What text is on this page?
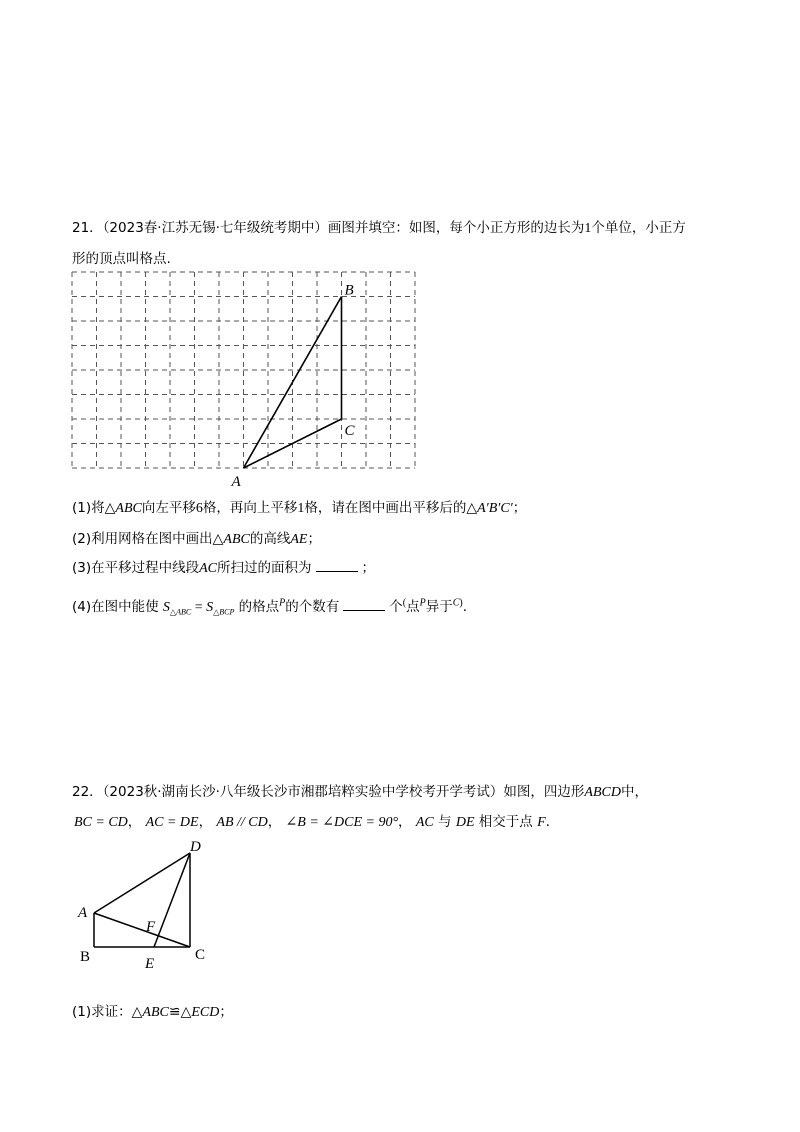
21．（2023春·江苏无锡·七年级统考期中）画图并填空：如图，每个小正方形的边长为1个单位，小正方
形的顶点叫格点.
A
B
C
(1)将△ABC向左平移6格，再向上平移1格，请在图中画出平移后的△A′B′C′；
(2)利用网格在图中画出△ABC的高线AE；
(3)在平移过程中线段AC所扫过的面积为	；
(4)在图中能使 $S_{\triangle ABC} = S_{\triangle BCP}$ 的格点$^P$的个数有	个(点$^P$异于$^{C)}$.
22．（2023秋·湖南长沙·八年级长沙市湘郡培粹实验中学校考开学考试）如图，四边形ABCD中，
BC = CD， AC = DE， AB // CD， ∠B = ∠DCE = 90°， AC 与 DE 相交于点 F.
D
A
B	C
E
F
(1)求证：△ABC≌△ECD；
